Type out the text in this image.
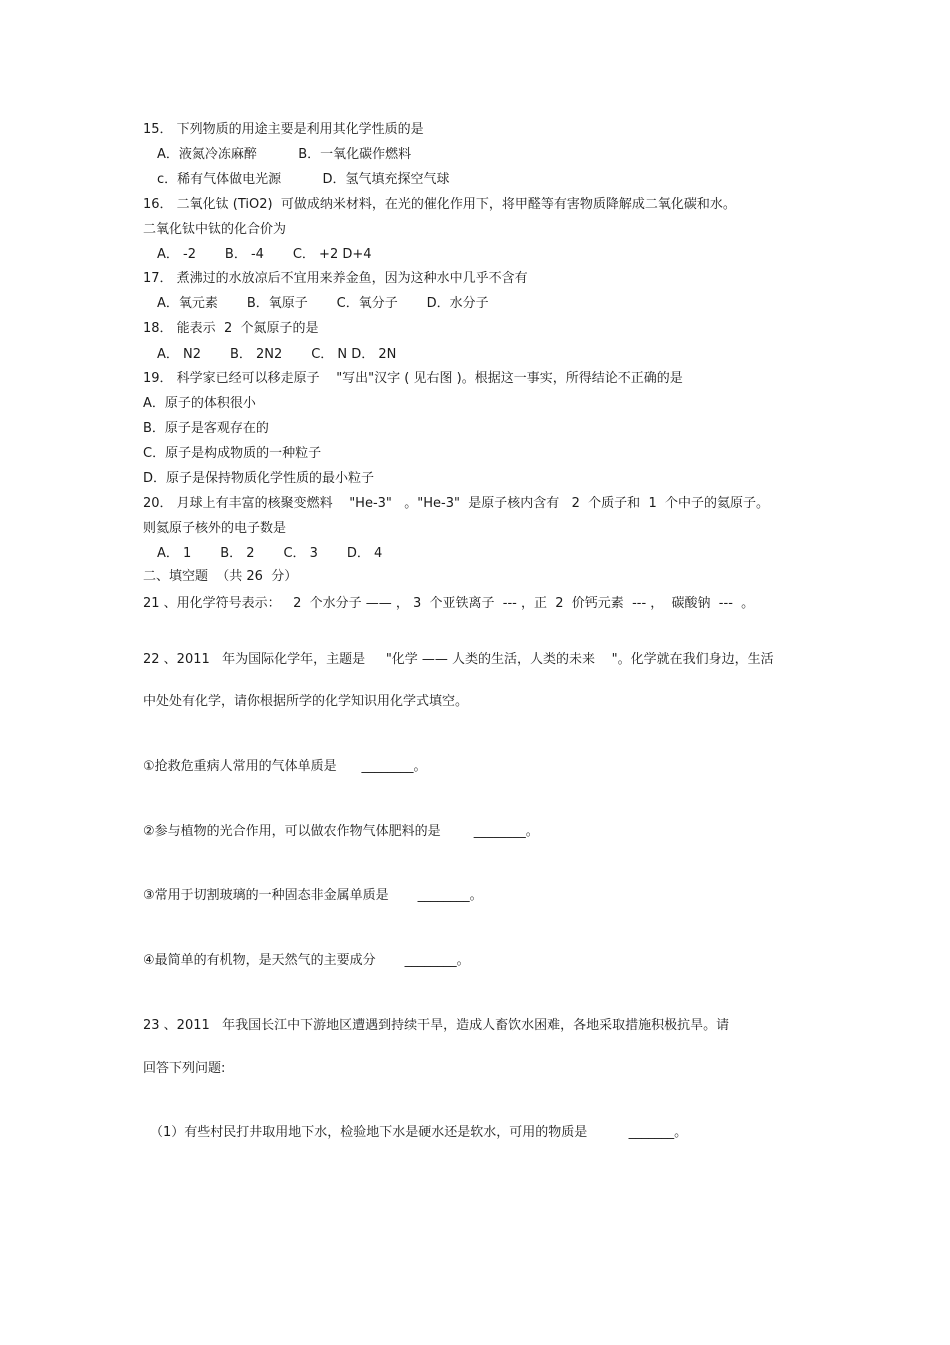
15． 下列物质的用途主要是利用其化学性质的是
A．液氮冷冻麻醉          B．一氧化碳作燃料
c．稀有气体做电光源          D．氢气填充探空气球
16． 二氧化钛 (TiO2)  可做成纳米材料，在光的催化作用下，将甲醛等有害物质降解成二氧化碳和水。
二氧化钛中钛的化合价为
A． -2       B． -4       C． +2 D+4
17． 煮沸过的水放凉后不宜用来养金鱼，因为这种水中几乎不含有
A．氧元素       B．氧原子       C．氧分子       D．水分子
18． 能表示  2  个氮原子的是
A． N2       B． 2N2       C． N D． 2N
19． 科学家已经可以移走原子    "写出"汉字 ( 见右图 )。根据这一事实，所得结论不正确的是
A．原子的体积很小
B．原子是客观存在的
C．原子是构成物质的一种粒子
D．原子是保持物质化学性质的最小粒子
20． 月球上有丰富的核聚变燃料    "He-3"   。"He-3"  是原子核内含有   2  个质子和  1  个中子的氦原子。
则氦原子核外的电子数是
A． 1       B． 2       C． 3       D． 4
二、填空题  （共 26  分）
21 、用化学符号表示：   2  个水分子 —— ， 3  个亚铁离子  --- ，正  2  价钙元素  --- ，  碳酸钠  ---  。
22 、2011   年为国际化学年，主题是     "化学 —— 人类的生活，人类的未来    "。化学就在我们身边，生活
中处处有化学，请你根据所学的化学知识用化学式填空。
①抢救危重病人常用的气体单质是      ________。
②参与植物的光合作用，可以做农作物气体肥料的是        ________。
③常用于切割玻璃的一种固态非金属单质是       ________。
④最简单的有机物，是天然气的主要成分       ________。
23 、2011   年我国长江中下游地区遭遇到持续干旱，造成人畜饮水困难，各地采取措施积极抗旱。请
回答下列问题:
（1）有些村民打井取用地下水，检验地下水是硬水还是软水，可用的物质是          _______。
